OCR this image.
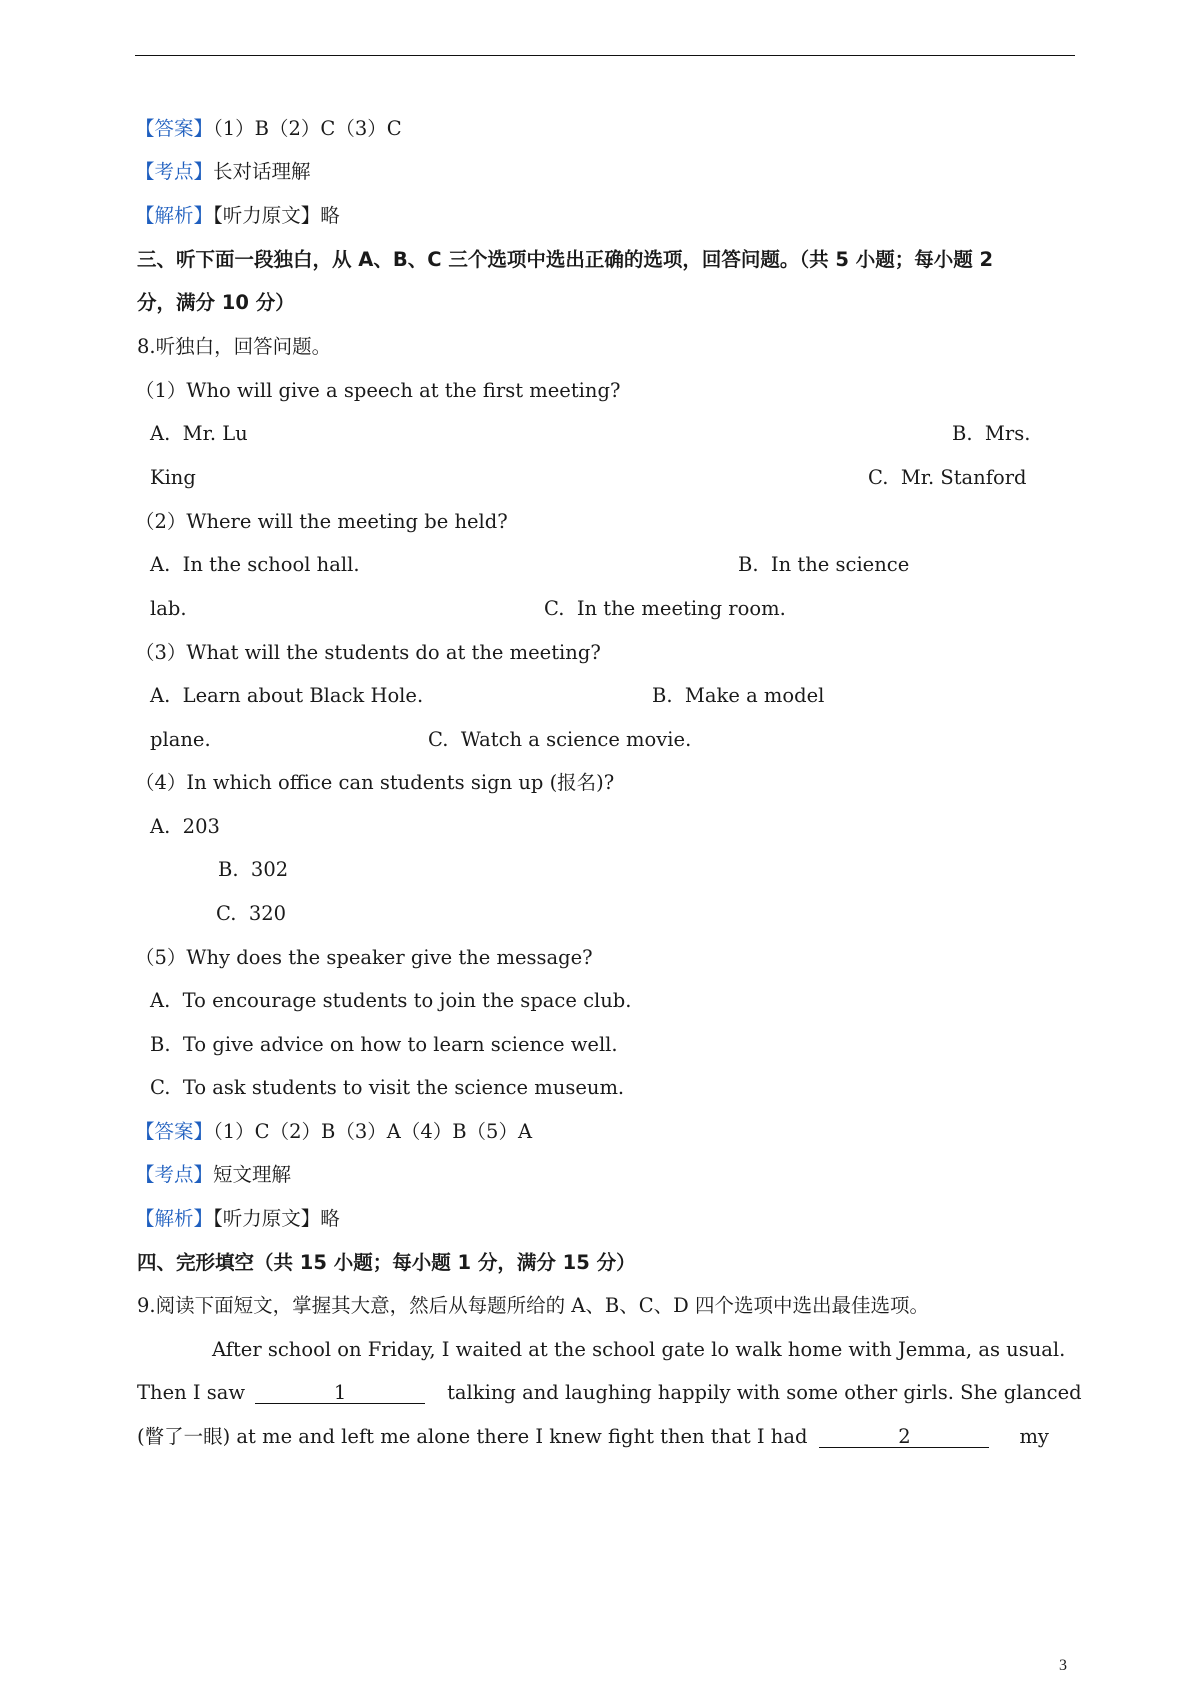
【答案】（1）B（2）C（3）C
【考点】长对话理解
【解析】【听力原文】略
三、听下面一段独白，从 A、B、C 三个选项中选出正确的选项，回答问题。（共 5 小题；每小题 2
分，满分 10 分）
8.听独白，回答问题。
（1）Who will give a speech at the first meeting?
A.  Mr. Lu	B.  Mrs.
King	C.  Mr. Stanford
（2）Where will the meeting be held?
A.  In the school hall.	B.  In the science
lab.	C.  In the meeting room.
（3）What will the students do at the meeting?
A.  Learn about Black Hole.	B.  Make a model
plane.	C.  Watch a science movie.
（4）In which office can students sign up (报名)?
A.  203
B.  302
C.  320
（5）Why does the speaker give the message?
A.  To encourage students to join the space club.
B.  To give advice on how to learn science well.
C.  To ask students to visit the science museum.
【答案】（1）C（2）B（3）A（4）B（5）A
【考点】短文理解
【解析】【听力原文】略
四、完形填空（共 15 小题；每小题 1 分，满分 15 分）
9.阅读下面短文，掌握其大意，然后从每题所给的 A、B、C、D 四个选项中选出最佳选项。
After school on Friday, I waited at the school gate lo walk home with Jemma, as usual.
Then I saw	1	talking and laughing happily with some other girls. She glanced
(瞥了一眼) at me and left me alone there I knew fight then that I had	2	my
3
